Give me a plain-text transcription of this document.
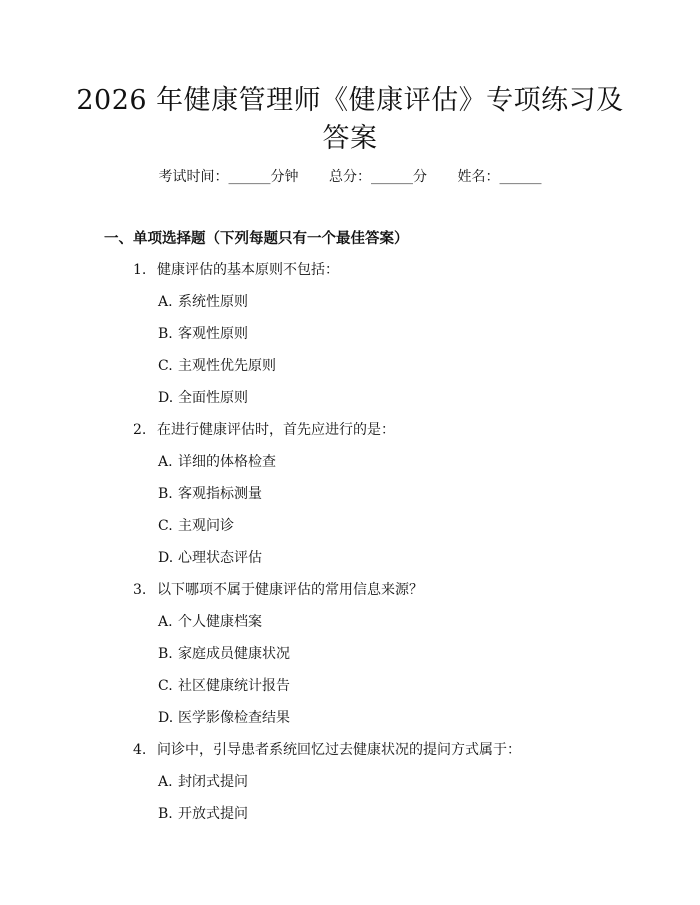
2026 年健康管理师《健康评估》专项练习及
答案
考试时间：______分钟 总分：______分 姓名：______
一、单项选择题（下列每题只有一个最佳答案）
1. 健康评估的基本原则不包括：
A. 系统性原则
B. 客观性原则
C. 主观性优先原则
D. 全面性原则
2. 在进行健康评估时，首先应进行的是：
A. 详细的体格检查
B. 客观指标测量
C. 主观问诊
D. 心理状态评估
3. 以下哪项不属于健康评估的常用信息来源？
A. 个人健康档案
B. 家庭成员健康状况
C. 社区健康统计报告
D. 医学影像检查结果
4. 问诊中，引导患者系统回忆过去健康状况的提问方式属于：
A. 封闭式提问
B. 开放式提问
